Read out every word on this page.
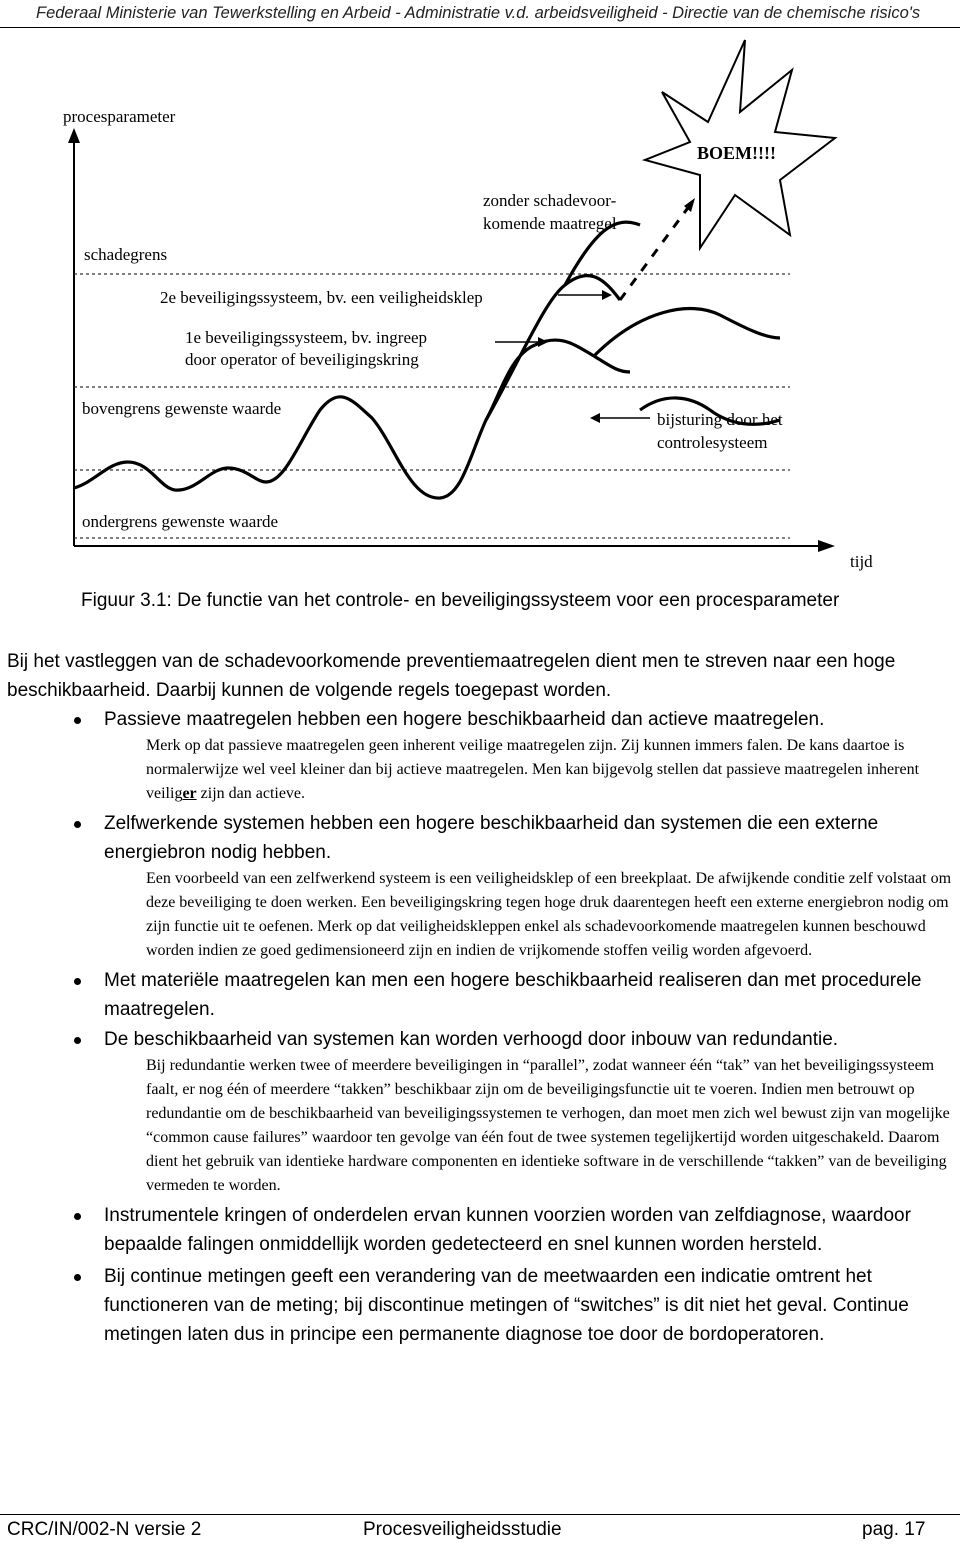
Federaal Ministerie van Tewerkstelling en Arbeid - Administratie v.d. arbeidsveiligheid - Directie van de chemische risico's
procesparameter
BOEM!!!!
zonder schadevoor-
komende maatregel
schadegrens
2e beveiligingssysteem, bv. een veiligheidsklep
1e beveiligingssysteem, bv. ingreep
door operator of beveiligingskring
bovengrens gewenste waarde
bijsturing door het
controlesysteem
ondergrens gewenste waarde
tijd
Figuur 3.1: De functie van het controle- en beveiligingssysteem voor een procesparameter

Bij het vastleggen van de schadevoorkomende preventiemaatregelen dient men te streven naar een hoge beschikbaarheid. Daarbij kunnen de volgende regels toegepast worden.

Passieve maatregelen hebben een hogere beschikbaarheid dan actieve maatregelen.

Merk op dat passieve maatregelen geen inherent veilige maatregelen zijn. Zij kunnen immers falen. De kans daartoe is normalerwijze wel veel kleiner dan bij actieve maatregelen. Men kan bijgevolg stellen dat passieve maatregelen inherent veiliger zijn dan actieve.

Zelfwerkende systemen hebben een hogere beschikbaarheid dan systemen die een externe energiebron nodig hebben.

Een voorbeeld van een zelfwerkend systeem is een veiligheidsklep of een breekplaat. De afwijkende conditie zelf volstaat om deze beveiliging te doen werken. Een beveiligingskring tegen hoge druk daarentegen heeft een externe energiebron nodig om zijn functie uit te oefenen. Merk op dat veiligheidskleppen enkel als schadevoorkomende maatregelen kunnen beschouwd worden indien ze goed gedimensioneerd zijn en indien de vrijkomende stoffen veilig worden afgevoerd.

Met materiële maatregelen kan men een hogere beschikbaarheid realiseren dan met procedurele maatregelen.
De beschikbaarheid van systemen kan worden verhoogd door inbouw van redundantie.

Bij redundantie werken twee of meerdere beveiligingen in “parallel”, zodat wanneer één “tak” van het beveiligingssysteem faalt, er nog één of meerdere “takken” beschikbaar zijn om de beveiligingsfunctie uit te voeren. Indien men betrouwt op redundantie om de beschikbaarheid van beveiligingssystemen te verhogen, dan moet men zich wel bewust zijn van mogelijke “common cause failures” waardoor ten gevolge van één fout de twee systemen tegelijkertijd worden uitgeschakeld. Daarom dient het gebruik van identieke hardware componenten en identieke software in de verschillende “takken” van de beveiliging vermeden te worden.

Instrumentele kringen of onderdelen ervan kunnen voorzien worden van zelfdiagnose, waardoor bepaalde falingen onmiddellijk worden gedetecteerd en snel kunnen worden hersteld.
Bij continue metingen geeft een verandering van de meetwaarden een indicatie omtrent het functioneren van de meting; bij discontinue metingen of “switches” is dit niet het geval. Continue metingen laten dus in principe een permanente diagnose toe door de bordoperatoren.
CRC/IN/002-N versie 2	Procesveiligheidsstudie	pag. 17
